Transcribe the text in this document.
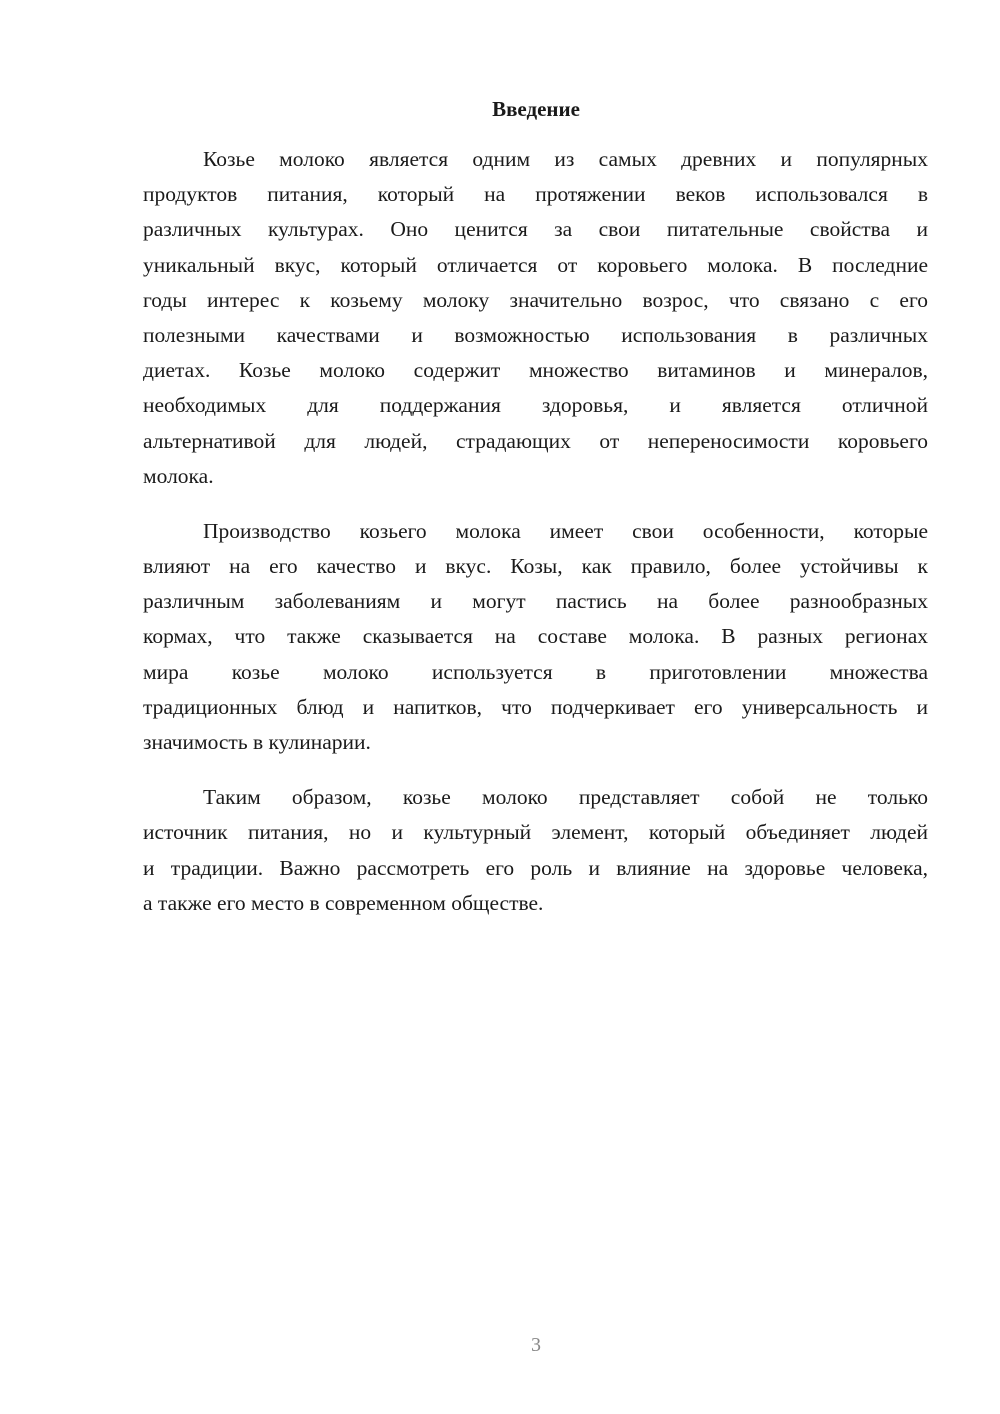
Введение
Козье молоко является одним из самых древних и популярных
продуктов питания, который на протяжении веков использовался в
различных культурах. Оно ценится за свои питательные свойства и
уникальный вкус, который отличается от коровьего молока. В последние
годы интерес к козьему молоку значительно возрос, что связано с его
полезными качествами и возможностью использования в различных
диетах. Козье молоко содержит множество витаминов и минералов,
необходимых для поддержания здоровья, и является отличной
альтернативой для людей, страдающих от непереносимости коровьего
молока.
Производство козьего молока имеет свои особенности, которые
влияют на его качество и вкус. Козы, как правило, более устойчивы к
различным заболеваниям и могут пастись на более разнообразных
кормах, что также сказывается на составе молока. В разных регионах
мира козье молоко используется в приготовлении множества
традиционных блюд и напитков, что подчеркивает его универсальность и
значимость в кулинарии.
Таким образом, козье молоко представляет собой не только
источник питания, но и культурный элемент, который объединяет людей
и традиции. Важно рассмотреть его роль и влияние на здоровье человека,
а также его место в современном обществе.
3
